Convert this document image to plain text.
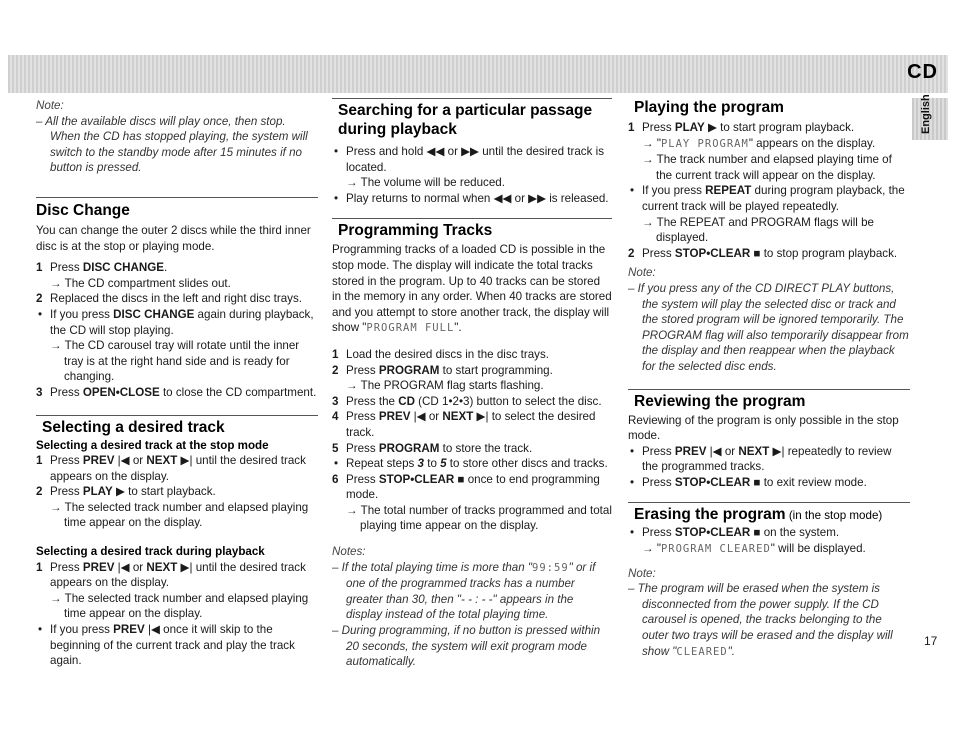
CD
English

Note:

– All the available discs will play once, then stop. When the CD has stopped playing, the system will switch to the standby mode after 15 minutes if no button is pressed.

Disc Change

You can change the outer 2 discs while the third inner disc is at the stop or playing mode.

1 Press DISC CHANGE.
→ The CD compartment slides out.
2 Replaced the discs in the left and right disc trays.
• If you press DISC CHANGE again during playback, the CD will stop playing.
→ The CD carousel tray will rotate until the inner tray is at the right hand side and is ready for changing.
3 Press OPEN•CLOSE to close the CD compartment.
Selecting a desired track
Selecting a desired track at the stop mode
1 Press PREV |◀ or NEXT ▶| until the desired track appears on the display.
2 Press PLAY ▶ to start playback.
→ The selected track number and elapsed playing time appear on the display.
Selecting a desired track during playback
1 Press PREV |◀ or NEXT ▶| until the desired track appears on the display.
→ The selected track number and elapsed playing time appear on the display.
• If you press PREV |◀ once it will skip to the beginning of the current track and play the track again.
Searching for a particular passage during playback
• Press and hold ◀◀ or ▶▶ until the desired track is located.
→ The volume will be reduced.
• Play returns to normal when ◀◀ or ▶▶ is released.
Programming Tracks

Programming tracks of a loaded CD is possible in the stop mode. The display will indicate the total tracks stored in the program. Up to 40 tracks can be stored in the memory in any order. When 40 tracks are stored and you attempt to store another track, the display will show "PROGRAM FULL".

1 Load the desired discs in the disc trays.
2 Press PROGRAM to start programming.
→ The PROGRAM flag starts flashing.
3 Press the CD (CD 1•2•3) button to select the disc.
4 Press PREV |◀ or NEXT ▶| to select the desired track.
5 Press PROGRAM to store the track.
• Repeat steps 3 to 5 to store other discs and tracks.
6 Press STOP•CLEAR ■ once to end programming mode.
→ The total number of tracks programmed and total playing time appear on the display.

Notes:

– If the total playing time is more than "99:59" or if one of the programmed tracks has a number greater than 30, then "- - : - -" appears in the display instead of the total playing time.

– During programming, if no button is pressed within 20 seconds, the system will exit program mode automatically.

Playing the program
1 Press PLAY ▶ to start program playback.
→ "PLAY PROGRAM" appears on the display.
→ The track number and elapsed playing time of the current track will appear on the display.
• If you press REPEAT during program playback, the current track will be played repeatedly.
→ The REPEAT and PROGRAM flags will be displayed.
2 Press STOP•CLEAR ■ to stop program playback.

Note:

– If you press any of the CD DIRECT PLAY buttons, the system will play the selected disc or track and the stored program will be ignored temporarily. The PROGRAM flag will also temporarily disappear from the display and then reappear when the playback for the selected disc ends.

Reviewing the program

Reviewing of the program is only possible in the stop mode.

• Press PREV |◀ or NEXT ▶| repeatedly to review the programmed tracks.
• Press STOP•CLEAR ■ to exit review mode.
Erasing the program (in the stop mode)
• Press STOP•CLEAR ■ on the system.
→ "PROGRAM CLEARED" will be displayed.

Note:

– The program will be erased when the system is disconnected from the power supply. If the CD carousel is opened, the tracks belonging to the outer two trays will be erased and the display will show "CLEARED".

17
